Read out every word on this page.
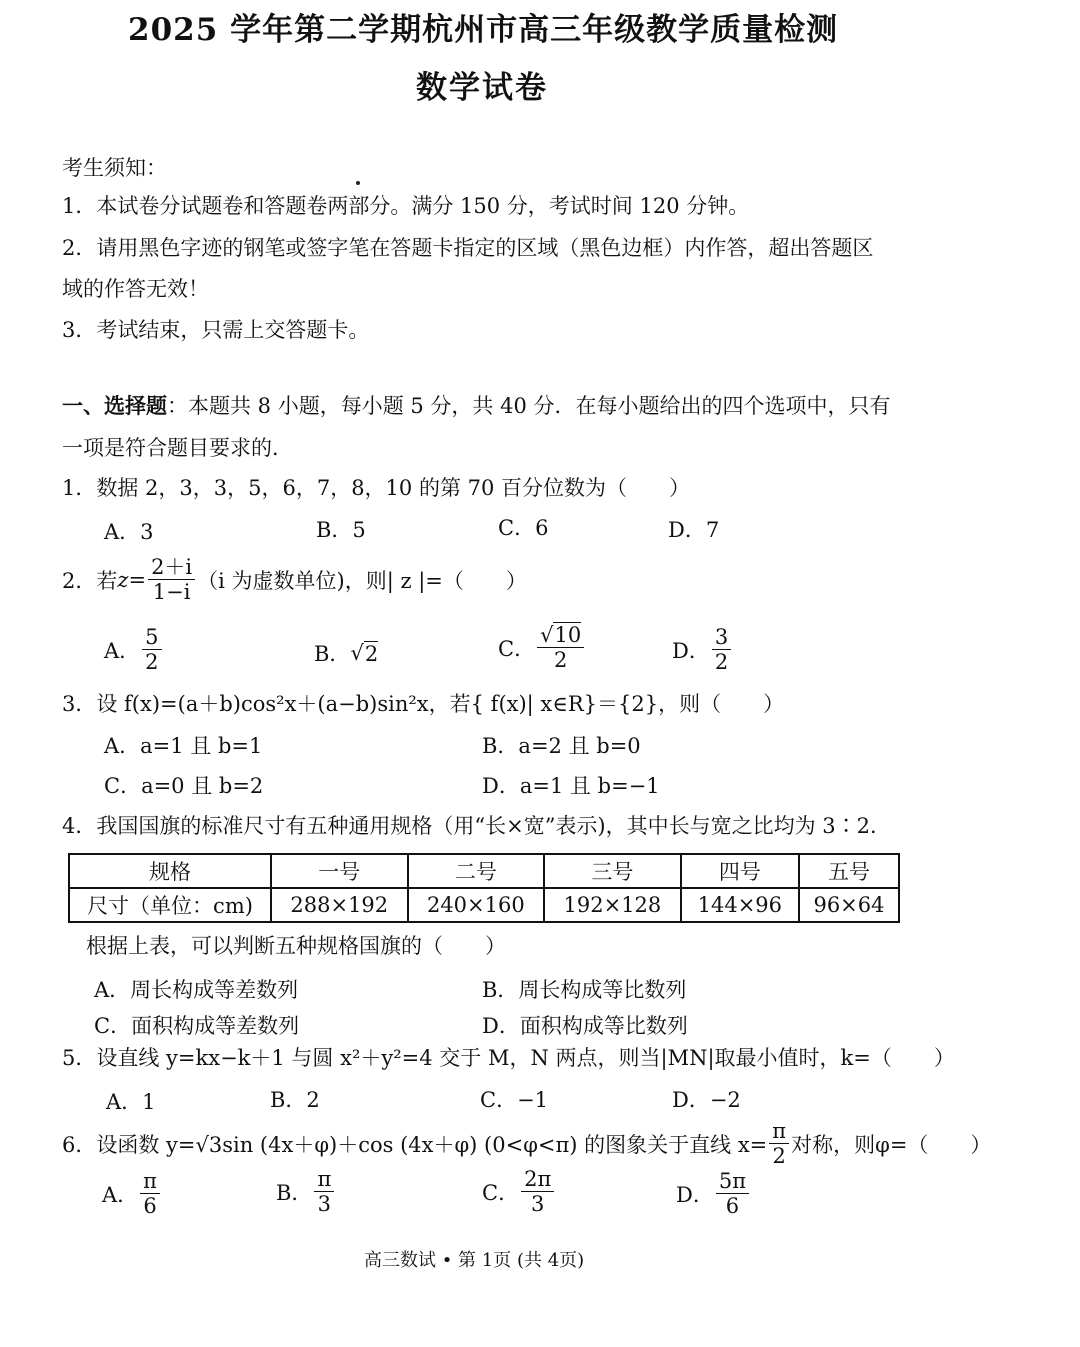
2025 学年第二学期杭州市高三年级教学质量检测
数学试卷
考生须知：
1．本试卷分试题卷和答题卷两部分。满分 150 分，考试时间 120 分钟。
2．请用黑色字迹的钢笔或签字笔在答题卡指定的区域（黑色边框）内作答，超出答题区
域的作答无效！
3．考试结束，只需上交答题卡。
一、选择题：本题共 8 小题，每小题 5 分，共 40 分．在每小题给出的四个选项中，只有
一项是符合题目要求的．
1．数据 2，3，3，5，6，7，8，10 的第 70 百分位数为（　　）
A．3	B．5	C．6	D．7
2．若 $z = \frac{2+i}{1-i} (i$ 为虚数单位)，则| z |=（　　）
A． $\frac{5}{2}$	B． √ 2	C． $\frac{√10}{2}$	D． $\frac{3}{2}$
3．设 f(x)=(a＋b)cos²x＋(a−b)sin²x，若{ f(x)| x∈R}＝{2}，则（　　）
A．a=1 且 b=1	B．a=2 且 b=0
C．a=0 且 b=2	D．a=1 且 b=−1
4．我国国旗的标准尺寸有五种通用规格（用“长×宽”表示)，其中长与宽之比均为 3∶2．
规格	一号	二号	三号	四号	五号
尺寸（单位：cm)	288×192	240×160	192×128	144×96	96×64
根据上表，可以判断五种规格国旗的（　　）
A．周长构成等差数列	B．周长构成等比数列
C．面积构成等差数列	D．面积构成等比数列
5．设直线 y=kx−k＋1 与圆 x²＋y²=4 交于 M，N 两点，则当|MN|取最小值时，k=（　　）
A．1	B．2	C．−1	D．−2
6．设函数 y=√3sin (4x＋φ)＋cos (4x＋φ) (0<φ<π) 的图象关于直线 $x= \frac{\pi}{2}$ 对称，则φ=（　　）
A． $\frac{\pi}{6}$	B． $\frac{\pi}{3}$	C． $\frac{2\pi}{3}$	D． $\frac{5\pi}{6}$
高三数试 • 第 1页 (共 4页)
